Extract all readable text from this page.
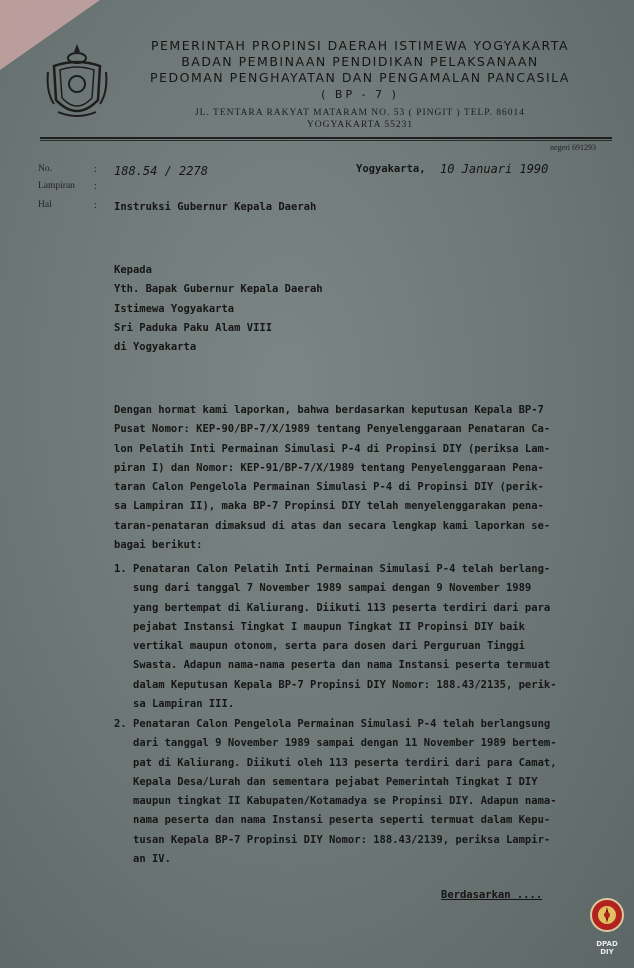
PEMERINTAH PROPINSI DAERAH ISTIMEWA YOGYAKARTA
BADAN PEMBINAAN PENDIDIKAN PELAKSANAAN
PEDOMAN PENGHAYATAN DAN PENGAMALAN PANCASILA
( BP - 7 )
JL. TENTARA RAKYAT MATARAM NO. 53 ( PINGIT ) TELP. 86014
YOGYAKARTA 55231
negeri 691293
No.	: 188.54 / 2278	Yogyakarta, 10 Januari 1990
Lampiran :
Hal	: Instruksi Gubernur Kepala Daerah
Kepada
Yth. Bapak Gubernur Kepala Daerah
Istimewa Yogyakarta
Sri Paduka Paku Alam VIII
di Yogyakarta
Dengan hormat kami laporkan, bahwa berdasarkan keputusan Kepala BP-7
Pusat Nomor: KEP-90/BP-7/X/1989 tentang Penyelenggaraan Penataran Ca-
lon Pelatih Inti Permainan Simulasi P-4 di Propinsi DIY (periksa Lam-
piran I) dan Nomor: KEP-91/BP-7/X/1989 tentang Penyelenggaraan Pena-
taran Calon Pengelola Permainan Simulasi P-4 di Propinsi DIY (perik-
sa Lampiran II), maka BP-7 Propinsi DIY telah menyelenggarakan pena-
taran-penataran dimaksud di atas dan secara lengkap kami laporkan se-
bagai berikut:
1. Penataran Calon Pelatih Inti Permainan Simulasi P-4 telah berlang-
sung dari tanggal 7 November 1989 sampai dengan 9 November 1989
yang bertempat di Kaliurang. Diikuti 113 peserta terdiri dari para
pejabat Instansi Tingkat I maupun Tingkat II Propinsi DIY baik
vertikal maupun otonom, serta para dosen dari Perguruan Tinggi
Swasta. Adapun nama-nama peserta dan nama Instansi peserta termuat
dalam Keputusan Kepala BP-7 Propinsi DIY Nomor: 188.43/2135, perik-
sa Lampiran III.
2. Penataran Calon Pengelola Permainan Simulasi P-4 telah berlangsung
dari tanggal 9 November 1989 sampai dengan 11 November 1989 bertem-
pat di Kaliurang. Diikuti oleh 113 peserta terdiri dari para Camat,
Kepala Desa/Lurah dan sementara pejabat Pemerintah Tingkat I DIY
maupun tingkat II Kabupaten/Kotamadya se Propinsi DIY. Adapun nama-
nama peserta dan nama Instansi peserta seperti termuat dalam Kepu-
tusan Kepala BP-7 Propinsi DIY Nomor: 188.43/2139, periksa Lampir-
an IV.
Berdasarkan ....
DPAD
DIY
